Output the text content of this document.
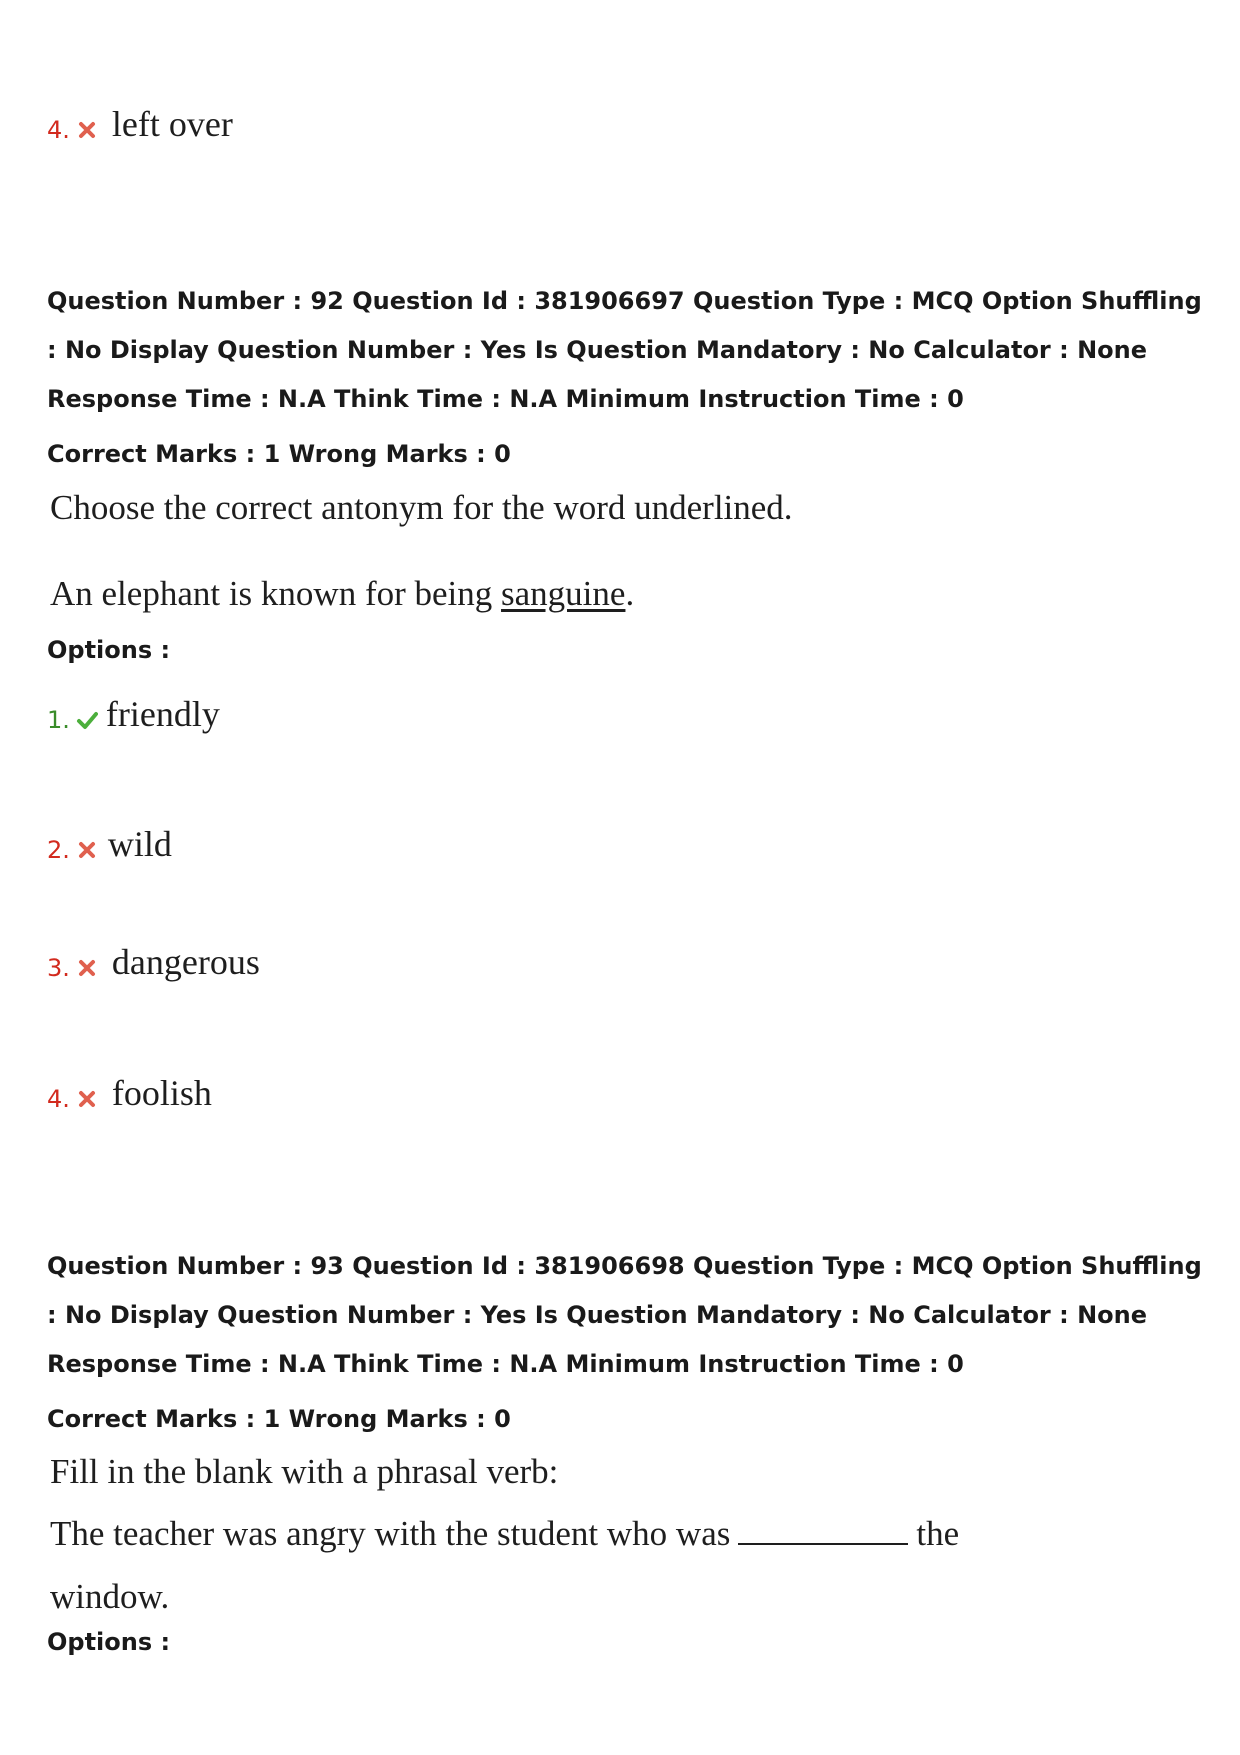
4. left over
Question Number : 92 Question Id : 381906697 Question Type : MCQ Option Shuffling : No Display Question Number : Yes Is Question Mandatory : No Calculator : None Response Time : N.A Think Time : N.A Minimum Instruction Time : 0
Correct Marks : 1 Wrong Marks : 0
Choose the correct antonym for the word underlined.
An elephant is known for being sanguine.
Options :
1. friendly
2. wild
3. dangerous
4. foolish
Question Number : 93 Question Id : 381906698 Question Type : MCQ Option Shuffling : No Display Question Number : Yes Is Question Mandatory : No Calculator : None Response Time : N.A Think Time : N.A Minimum Instruction Time : 0
Correct Marks : 1 Wrong Marks : 0
Fill in the blank with a phrasal verb:
The teacher was angry with the student who was	the
window.
Options :
